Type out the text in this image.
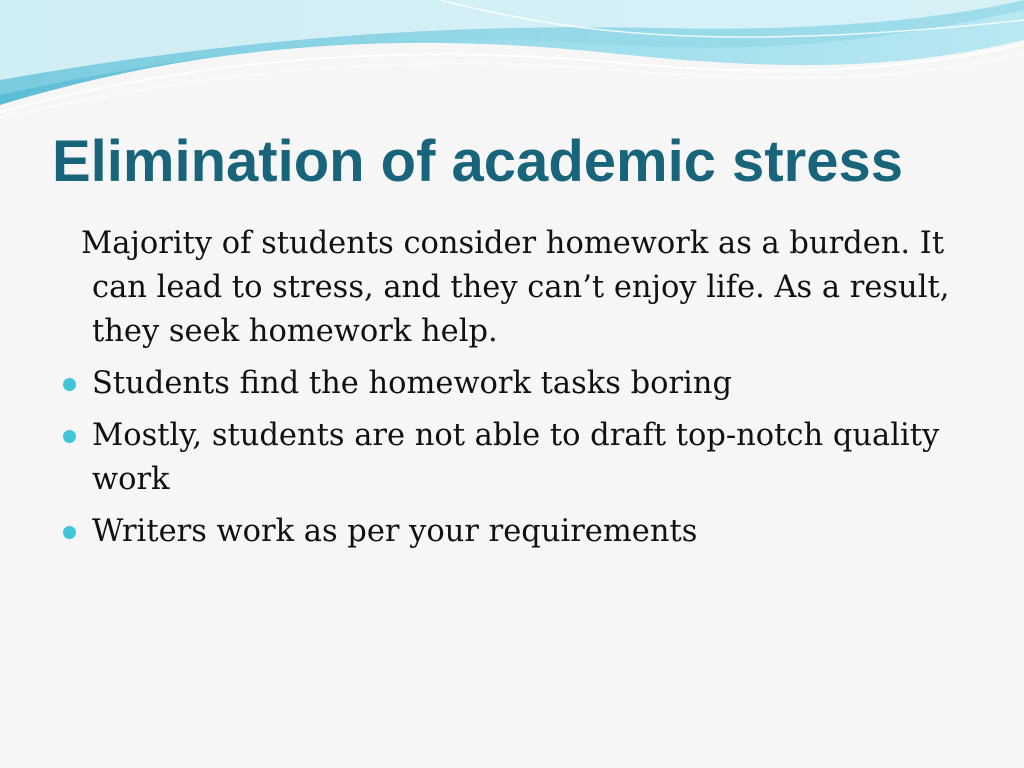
Elimination of academic stress

Majority of students consider homework as a burden. It can lead to stress, and they can’t enjoy life. As a result, they seek homework help.

Students find the homework tasks boring
Mostly, students are not able to draft top-notch quality work
Writers work as per your requirements
